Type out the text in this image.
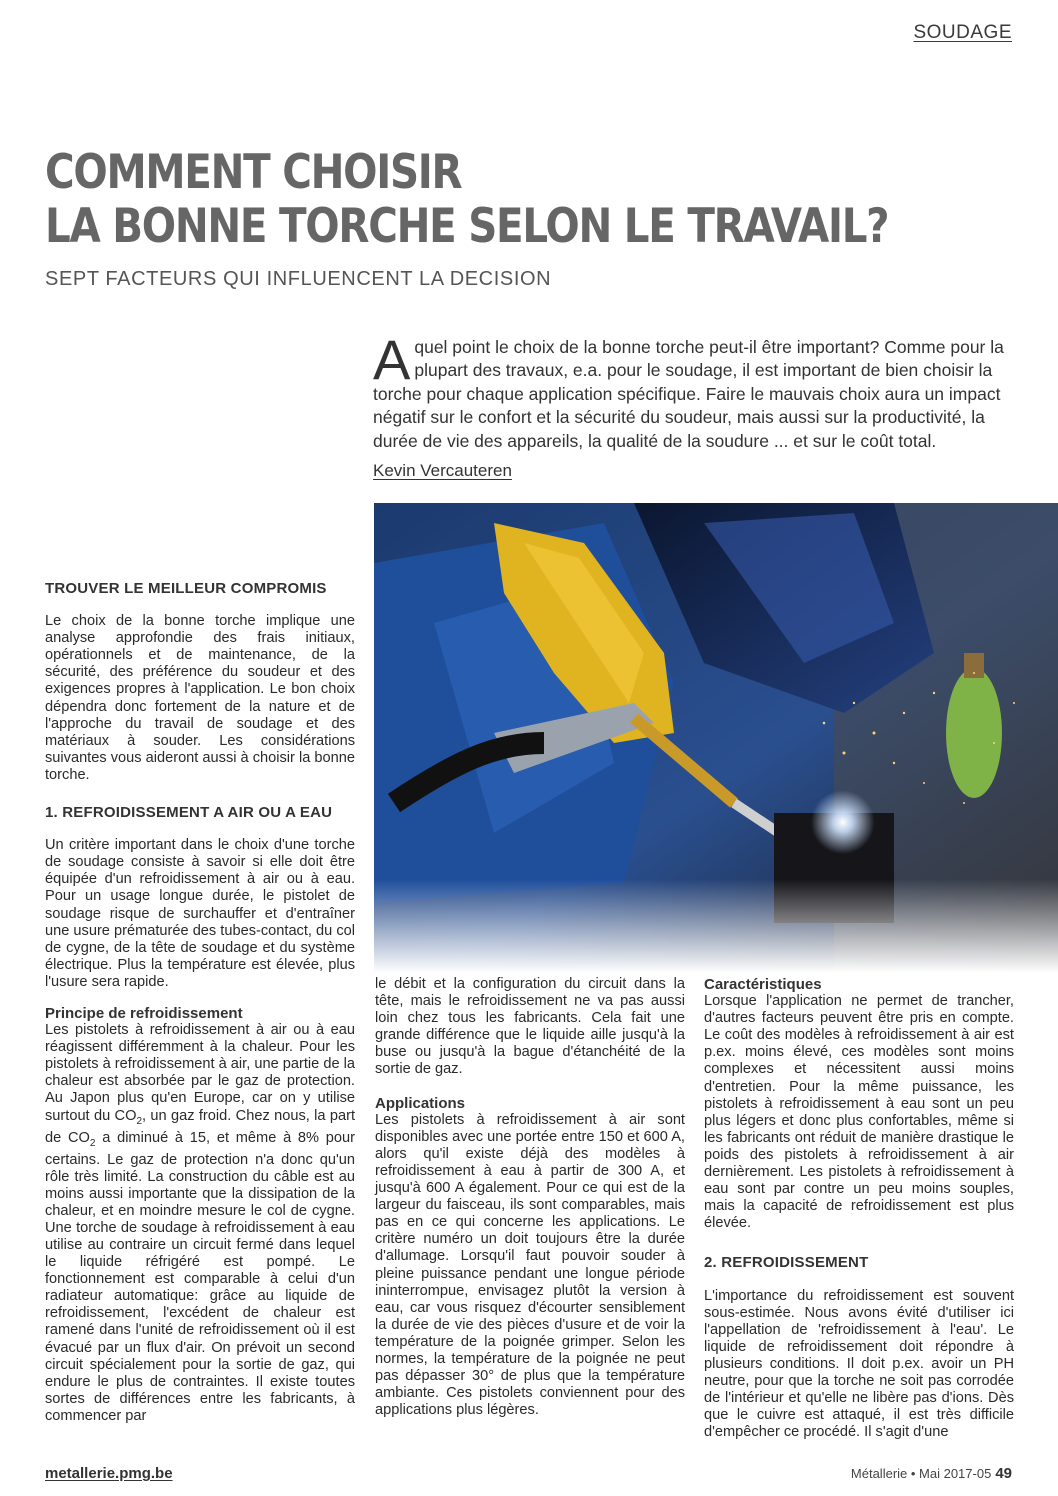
SOUDAGE
COMMENT CHOISIR
LA BONNE TORCHE SELON LE TRAVAIL?
SEPT FACTEURS QUI INFLUENCENT LA DECISION

A quel point le choix de la bonne torche peut-il être important? Comme pour la plupart des travaux, e.a. pour le soudage, il est important de bien choisir la torche pour chaque application spécifique. Faire le mauvais choix aura un impact négatif sur le confort et la sécurité du soudeur, mais aussi sur la productivité, la durée de vie des appareils, la qualité de la soudure ... et sur le coût total.

Kevin Vercauteren
TROUVER LE MEILLEUR COMPROMIS

Le choix de la bonne torche implique une analyse approfondie des frais initiaux, opérationnels et de maintenance, de la sécurité, des préférence du soudeur et des exigences propres à l'application. Le bon choix dépendra donc fortement de la nature et de l'approche du travail de soudage et des matériaux à souder. Les considérations suivantes vous aideront aussi à choisir la bonne torche.

1. REFROIDISSEMENT A AIR OU A EAU

Un critère important dans le choix d'une torche de soudage consiste à savoir si elle doit être équipée d'un refroidissement à air ou à eau. Pour un usage longue durée, le pistolet de soudage risque de surchauffer et d'entraîner une usure prématurée des tubes-contact, du col de cygne, de la tête de soudage et du système électrique. Plus la température est élevée, plus l'usure sera rapide.

Principe de refroidissement

Les pistolets à refroidissement à air ou à eau réagissent différemment à la chaleur. Pour les pistolets à refroidissement à air, une partie de la chaleur est absorbée par le gaz de protection. Au Japon plus qu'en Europe, car on y utilise surtout du $CO_2$, un gaz froid. Chez nous, la part de $CO_2$ a diminué à 15, et même à 8% pour certains. Le gaz de protection n'a donc qu'un rôle très limité. La construction du câble est au moins aussi importante que la dissipation de la chaleur, et en moindre mesure le col de cygne. Une torche de soudage à refroidissement à eau utilise au contraire un circuit fermé dans lequel le liquide réfrigéré est pompé. Le fonctionnement est comparable à celui d'un radiateur automatique: grâce au liquide de refroidissement, l'excédent de chaleur est ramené dans l'unité de refroidissement où il est évacué par un flux d'air. On prévoit un second circuit spécialement pour la sortie de gaz, qui endure le plus de contraintes. Il existe toutes sortes de différences entre les fabricants, à commencer par

le débit et la configuration du circuit dans la tête, mais le refroidissement ne va pas aussi loin chez tous les fabricants. Cela fait une grande différence que le liquide aille jusqu'à la buse ou jusqu'à la bague d'étanchéité de la sortie de gaz.

Applications

Les pistolets à refroidissement à air sont disponibles avec une portée entre 150 et 600 A, alors qu'il existe déjà des modèles à refroidissement à eau à partir de 300 A, et jusqu'à 600 A également. Pour ce qui est de la largeur du faisceau, ils sont comparables, mais pas en ce qui concerne les applications. Le critère numéro un doit toujours être la durée d'allumage. Lorsqu'il faut pouvoir souder à pleine puissance pendant une longue période ininterrompue, envisagez plutôt la version à eau, car vous risquez d'écourter sensiblement la durée de vie des pièces d'usure et de voir la température de la poignée grimper. Selon les normes, la température de la poignée ne peut pas dépasser 30° de plus que la température ambiante. Ces pistolets conviennent pour des applications plus légères.

Caractéristiques

Lorsque l'application ne permet de trancher, d'autres facteurs peuvent être pris en compte. Le coût des modèles à refroidissement à air est p.ex. moins élevé, ces modèles sont moins complexes et nécessitent aussi moins d'entretien. Pour la même puissance, les pistolets à refroidissement à eau sont un peu plus légers et donc plus confortables, même si les fabricants ont réduit de manière drastique le poids des pistolets à refroidissement à air dernièrement. Les pistolets à refroidissement à eau sont par contre un peu moins souples, mais la capacité de refroidissement est plus élevée.

2. REFROIDISSEMENT

L'importance du refroidissement est souvent sous-estimée. Nous avons évité d'utiliser ici l'appellation de 'refroidissement à l'eau'. Le liquide de refroidissement doit répondre à plusieurs conditions. Il doit p.ex. avoir un PH neutre, pour que la torche ne soit pas corrodée de l'intérieur et qu'elle ne libère pas d'ions. Dès que le cuivre est attaqué, il est très difficile d'empêcher ce procédé. Il s'agit d'une

metallerie.pmg.be	Métallerie • Mai 2017-05 49
